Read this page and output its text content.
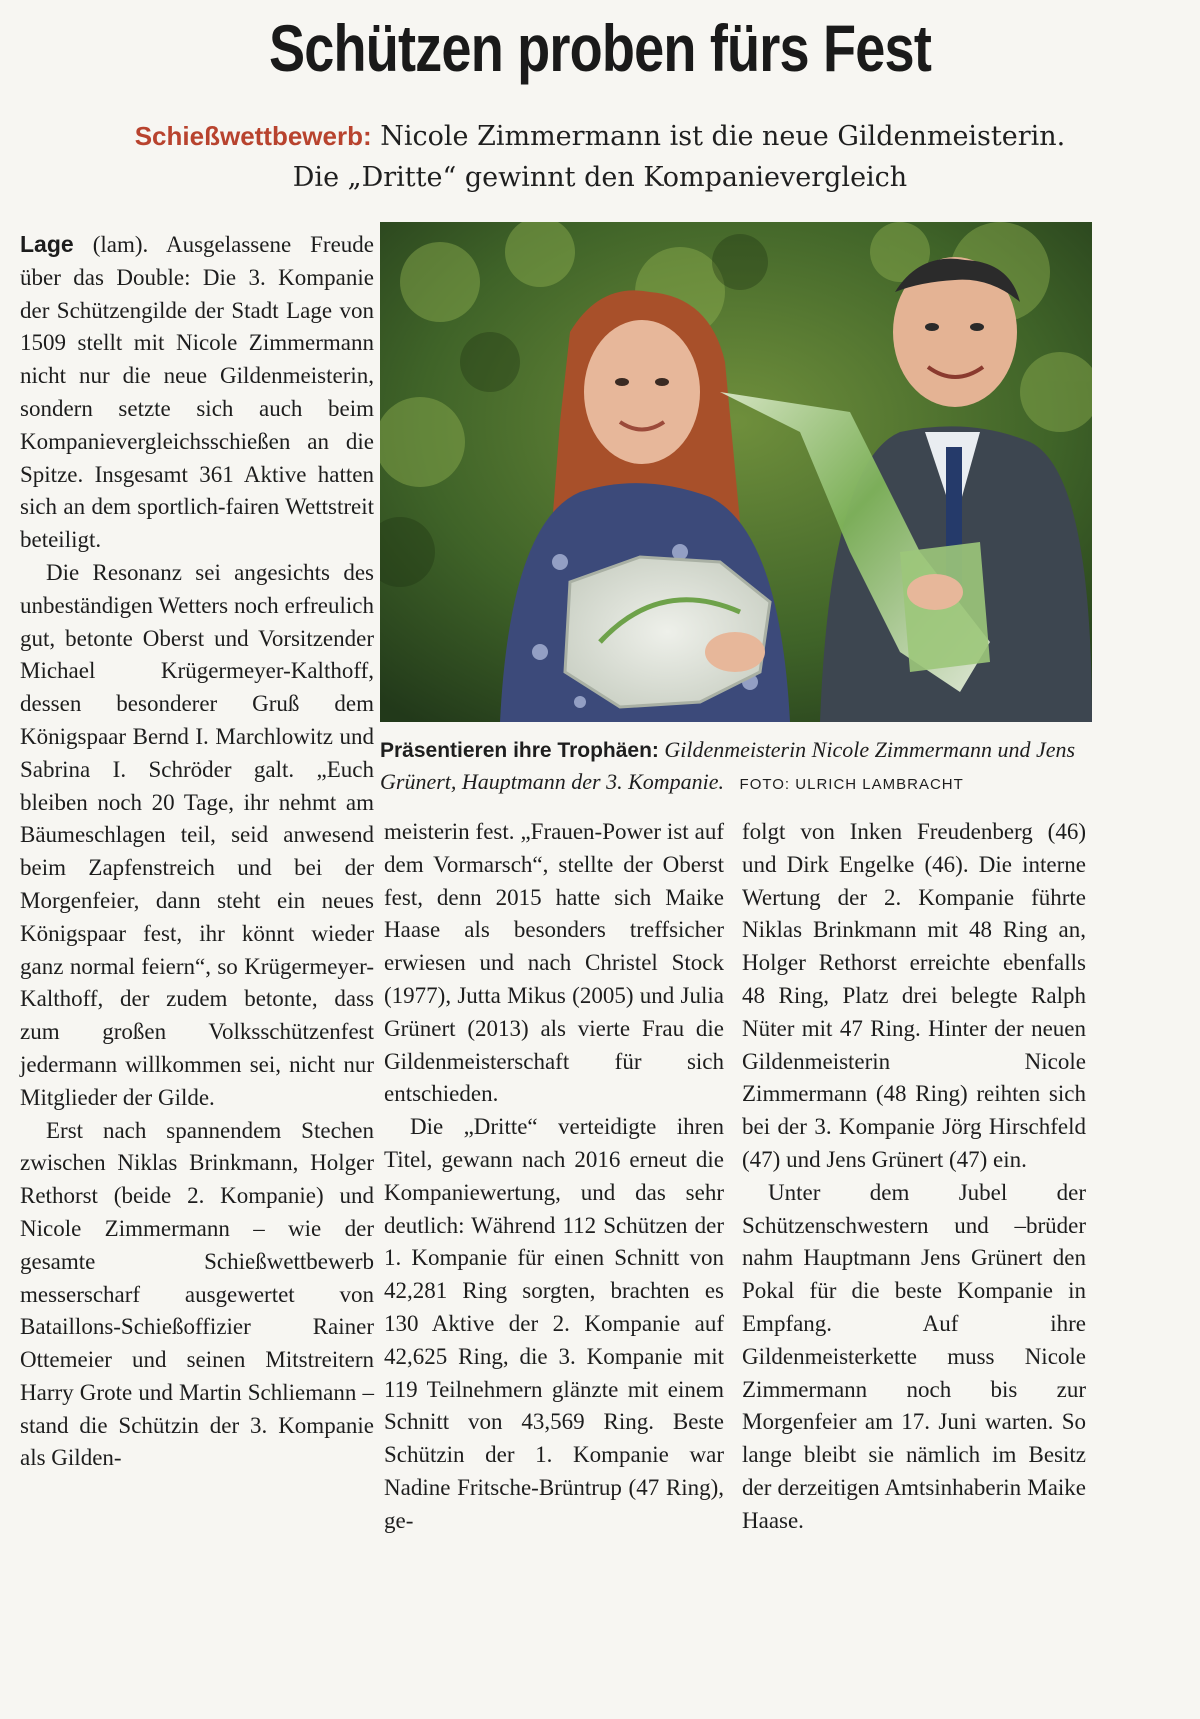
Schützen proben fürs Fest
Schießwettbewerb: Nicole Zimmermann ist die neue Gildenmeisterin.
Die „Dritte“ gewinnt den Kompanievergleich

Lage (lam). Ausgelassene Freude über das Double: Die 3. Kompanie der Schützengilde der Stadt Lage von 1509 stellt mit Nicole Zimmermann nicht nur die neue Gildenmeisterin, sondern setzte sich auch beim Kompanievergleichsschießen an die Spitze. Insgesamt 361 Aktive hatten sich an dem sportlich-fairen Wettstreit beteiligt.

Die Resonanz sei angesichts des unbeständigen Wetters noch erfreulich gut, betonte Oberst und Vorsitzender Michael Krügermeyer-Kalthoff, dessen besonderer Gruß dem Königspaar Bernd I. Marchlowitz und Sabrina I. Schröder galt. „Euch bleiben noch 20 Tage, ihr nehmt am Bäumeschlagen teil, seid anwesend beim Zapfenstreich und bei der Morgenfeier, dann steht ein neues Königspaar fest, ihr könnt wieder ganz normal feiern“, so Krügermeyer-Kalthoff, der zudem betonte, dass zum großen Volksschützenfest jedermann willkommen sei, nicht nur Mitglieder der Gilde.

Erst nach spannendem Stechen zwischen Niklas Brinkmann, Holger Rethorst (beide 2. Kompanie) und Nicole Zimmermann – wie der gesamte Schießwettbewerb messerscharf ausgewertet von Bataillons-Schießoffizier Rainer Ottemeier und seinen Mitstreitern Harry Grote und Martin Schliemann – stand die Schützin der 3. Kompanie als Gilden-

Präsentieren ihre Trophäen: Gildenmeisterin Nicole Zimmermann und Jens Grünert, Hauptmann der 3. Kompanie. FOTO: ULRICH LAMBRACHT

meisterin fest. „Frauen-Power ist auf dem Vormarsch“, stellte der Oberst fest, denn 2015 hatte sich Maike Haase als besonders treffsicher erwiesen und nach Christel Stock (1977), Jutta Mikus (2005) und Julia Grünert (2013) als vierte Frau die Gildenmeisterschaft für sich entschieden.

Die „Dritte“ verteidigte ihren Titel, gewann nach 2016 erneut die Kompaniewertung, und das sehr deutlich: Während 112 Schützen der 1. Kompanie für einen Schnitt von 42,281 Ring sorgten, brachten es 130 Aktive der 2. Kompanie auf 42,625 Ring, die 3. Kompanie mit 119 Teilnehmern glänzte mit einem Schnitt von 43,569 Ring. Beste Schützin der 1. Kompanie war Nadine Fritsche-Brüntrup (47 Ring), ge-

folgt von Inken Freudenberg (46) und Dirk Engelke (46). Die interne Wertung der 2. Kompanie führte Niklas Brinkmann mit 48 Ring an, Holger Rethorst erreichte ebenfalls 48 Ring, Platz drei belegte Ralph Nüter mit 47 Ring. Hinter der neuen Gildenmeisterin Nicole Zimmermann (48 Ring) reihten sich bei der 3. Kompanie Jörg Hirschfeld (47) und Jens Grünert (47) ein.

Unter dem Jubel der Schützenschwestern und –brüder nahm Hauptmann Jens Grünert den Pokal für die beste Kompanie in Empfang. Auf ihre Gildenmeisterkette muss Nicole Zimmermann noch bis zur Morgenfeier am 17. Juni warten. So lange bleibt sie nämlich im Besitz der derzeitigen Amtsinhaberin Maike Haase.
